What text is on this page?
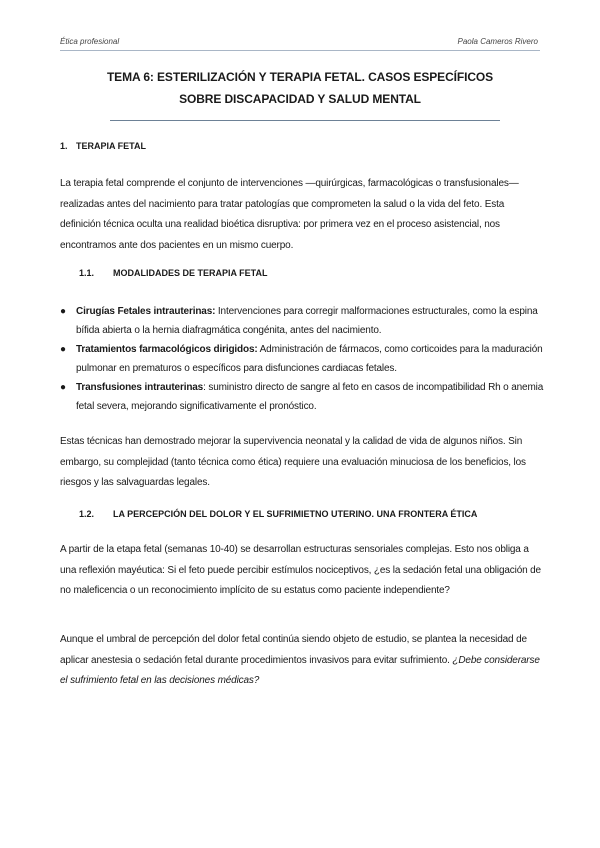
Ética profesional	Paola Cameros Rivero
TEMA 6: ESTERILIZACIÓN Y TERAPIA FETAL. CASOS ESPECÍFICOS
SOBRE DISCAPACIDAD Y SALUD MENTAL
1. TERAPIA FETAL

La terapia fetal comprende el conjunto de intervenciones —quirúrgicas, farmacológicas o transfusionales— realizadas antes del nacimiento para tratar patologías que comprometen la salud o la vida del feto. Esta definición técnica oculta una realidad bioética disruptiva: por primera vez en el proceso asistencial, nos encontramos ante dos pacientes en un mismo cuerpo.

1.1. MODALIDADES DE TERAPIA FETAL
● Cirugías Fetales intrauterinas: Intervenciones para corregir malformaciones estructurales, como la espina bífida abierta o la hernia diafragmática congénita, antes del nacimiento.
● Tratamientos farmacológicos dirigidos: Administración de fármacos, como corticoides para la maduración pulmonar en prematuros o específicos para disfunciones cardiacas fetales.
● Transfusiones intrauterinas: suministro directo de sangre al feto en casos de incompatibilidad Rh o anemia fetal severa, mejorando significativamente el pronóstico.

Estas técnicas han demostrado mejorar la supervivencia neonatal y la calidad de vida de algunos niños. Sin embargo, su complejidad (tanto técnica como ética) requiere una evaluación minuciosa de los beneficios, los riesgos y las salvaguardas legales.

1.2. LA PERCEPCIÓN DEL DOLOR Y EL SUFRIMIETNO UTERINO. UNA FRONTERA ÉTICA

A partir de la etapa fetal (semanas 10-40) se desarrollan estructuras sensoriales complejas. Esto nos obliga a una reflexión mayéutica: Si el feto puede percibir estímulos nociceptivos, ¿es la sedación fetal una obligación de no maleficencia o un reconocimiento implícito de su estatus como paciente independiente?

Aunque el umbral de percepción del dolor fetal continúa siendo objeto de estudio, se plantea la necesidad de aplicar anestesia o sedación fetal durante procedimientos invasivos para evitar sufrimiento. ¿Debe considerarse el sufrimiento fetal en las decisiones médicas?
